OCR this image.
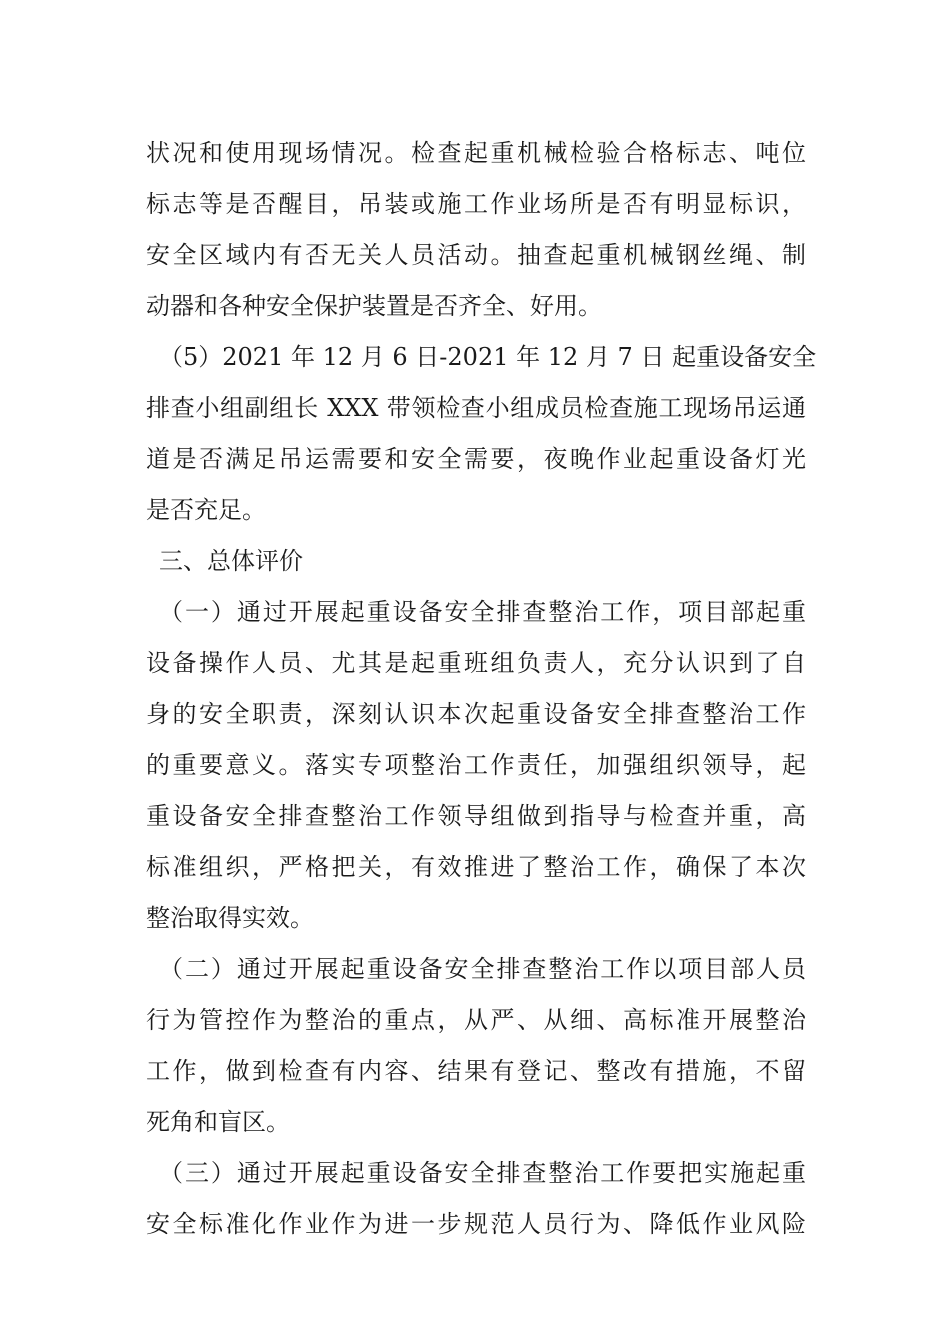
状况和使用现场情况。检查起重机械检验合格标志、吨位
标志等是否醒目，吊装或施工作业场所是否有明显标识，
安全区域内有否无关人员活动。抽查起重机械钢丝绳、制
动器和各种安全保护装置是否齐全、好用。
（5）2021 年 12 月 6 日-2021 年 12 月 7 日 起重设备安全
排查小组副组长 XXX 带领检查小组成员检查施工现场吊运通
道是否满足吊运需要和安全需要，夜晚作业起重设备灯光
是否充足。
三、总体评价
（一）通过开展起重设备安全排查整治工作，项目部起重
设备操作人员、尤其是起重班组负责人，充分认识到了自
身的安全职责，深刻认识本次起重设备安全排查整治工作
的重要意义。落实专项整治工作责任，加强组织领导，起
重设备安全排查整治工作领导组做到指导与检查并重，高
标准组织，严格把关，有效推进了整治工作，确保了本次
整治取得实效。
（二）通过开展起重设备安全排查整治工作以项目部人员
行为管控作为整治的重点，从严、从细、高标准开展整治
工作，做到检查有内容、结果有登记、整改有措施，不留
死角和盲区。
（三）通过开展起重设备安全排查整治工作要把实施起重
安全标准化作业作为进一步规范人员行为、降低作业风险
